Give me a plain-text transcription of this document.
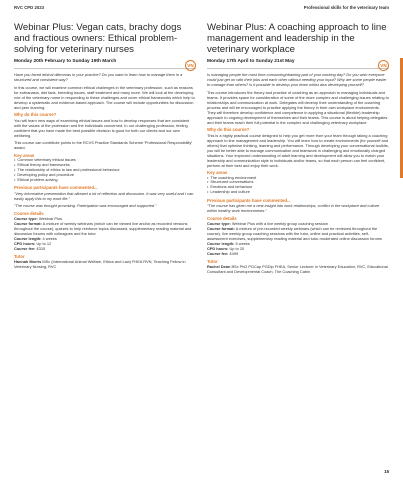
RVC CPD 2023	Professional skills for the veterinary team
Webinar Plus: Vegan cats, brachy dogs and fractious owners: Ethical problem-solving for veterinary nurses
Monday 20th February to Sunday 19th March
VN
Have you faced ethical dilemmas in your practice? Do you want to learn how to manage them in a structured and consistent way?

In this course, we will examine common ethical challenges in the veterinary profession, such as reasons for euthanasia, diet fads, breeding issues, staff treatment and many more. We will look at the developing role of the veterinary nurse in responding to these challenges and cover ethical frameworks which help to develop a systematic and evidence-based approach. The course will include opportunities for discussion and peer learning.

Why do this course?

You will learn new ways of examining ethical issues and how to develop responses that are consistent with the values of the profession and the individuals concerned. In our challenging profession, feeling confident that you have made the best possible decision is good for both our clients and our own wellbeing.

This course can contribute points to the RCVS Practice Standards Scheme 'Professional Responsibility' award.

Key areas
• Common veterinary ethical issues
• Ethical theory and frameworks
• The relationship of ethics to law and professional behaviour
• Developing policy and procedure
• Ethical problem-solving
Previous participants have commented...
"Very informative presentation that allowed a lot of reflection and discussion. It was very useful and I can easily apply this to my work life."
"The course was thought provoking. Participation was encouraged and supported."
Course details
Course type: Webinar Plus
Course format: A mixture of weekly webinars (which can be viewed live and/or as recorded versions throughout the course), quizzes to help reinforce topics discussed, supplementary reading material and discussion forums with colleagues and the tutor
Course length: 4 weeks
CPD hours: Up to 12
Course fee: £315
Tutor
Hannah Morris MSc (International Animal Welfare, Ethics and Law) FHEA RVN, Teaching Fellow in Veterinary Nursing, RVC
Webinar Plus: A coaching approach to line management and leadership in the veterinary workplace
Monday 17th April to Sunday 21st May
VN
Is managing people the most time-consuming/draining part of your working day? Do you wish everyone could just get on with their jobs and each other without needing your input? Why are some people easier to manage than others? Is it possible to develop your team whilst also developing yourself?

This course introduces the theory and practice of coaching as an approach to managing individuals and teams. It provides space for consideration of some of the more complex and challenging issues relating to relationships and communication at work. Delegates will develop their understanding of the coaching process and will be encouraged to practise applying the theory in their own workplace environments. They will therefore develop confidence and competence in applying a situational (flexible) leadership approach to ongoing development of themselves and their teams. This course is about helping delegates and their teams reach their full potential in the complex and challenging veterinary workplace.

Why do this course?

This is a highly practical course designed to help you get more from your team through taking a coaching approach to line management and leadership. You will learn how to create environments (for yourself and others) that optimise thinking, learning and performance. Through developing your conversational toolkits, you will be better able to manage communication and teamwork in challenging and emotionally charged situations. Your improved understanding of adult learning and development will allow you to match your leadership and communication style to individuals and/or teams, so that each person can feel confident, perform at their best and enjoy their work.

Key areas
• The coaching environment
• Structured conversations
• Emotions and behaviour
• Leadership and culture
Previous participants have commented...
"The course has given me a new insight into work relationships, conflict in the workplace and culture within healthy work environments."
Course details
Course type: Webinar Plus with a live weekly group coaching session
Course format: A mixture of pre-recorded weekly webinars (which can be reviewed throughout the course), live weekly group coaching sessions with the tutor, online and practical activities, self-assessment exercises, supplementary reading material and tutor-moderated online discussion forums
Course length: 5 weeks
CPD hours: Up to 20
Course fee: £499
Tutor
Rachel Dean BSc PhD PGCap PGDip FHEA, Senior Lecturer in Veterinary Education, RVC, Educational Consultant and Developmental Coach, The Coaching Cabin
15
